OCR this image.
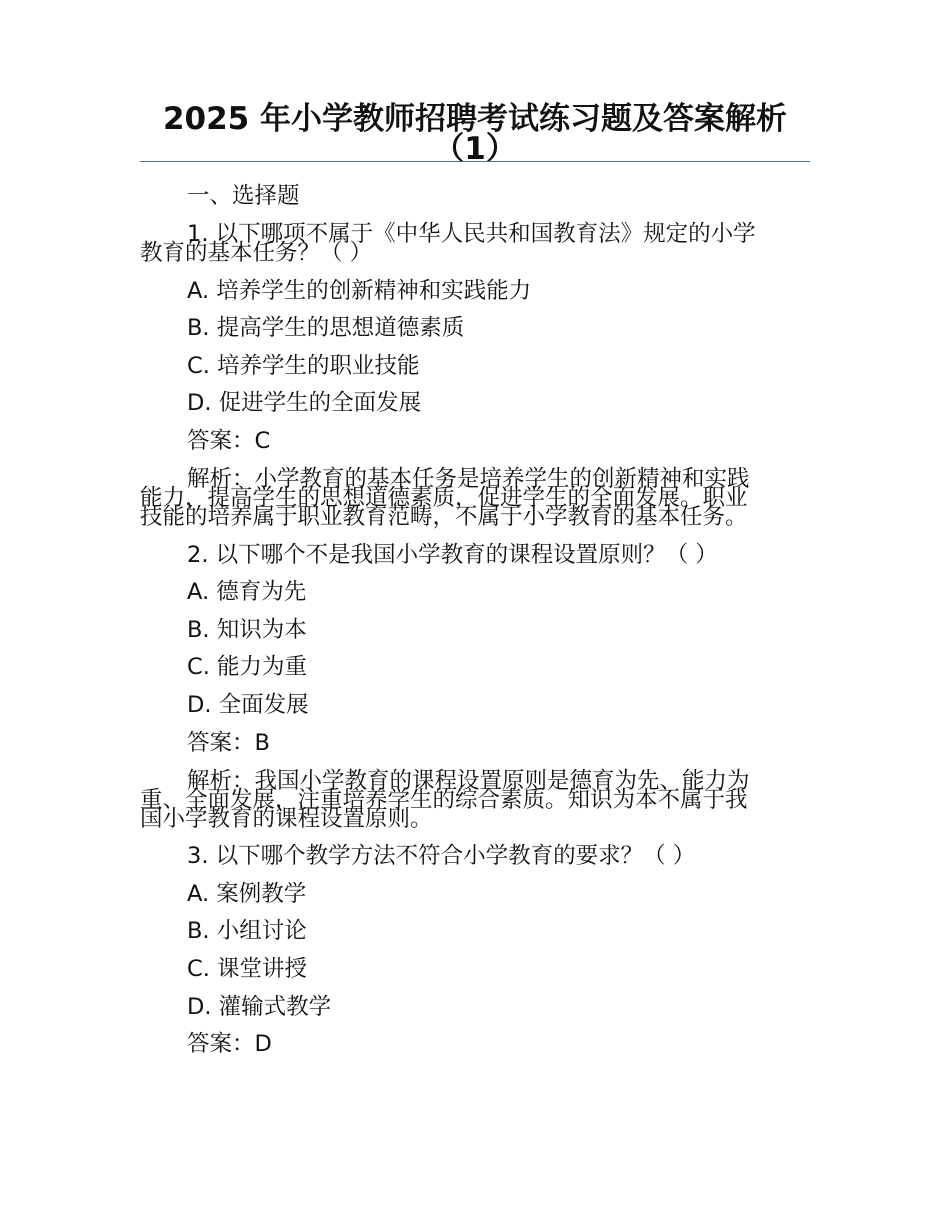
2025 年小学教师招聘考试练习题及答案解析（1）

一、选择题

1. 以下哪项不属于《中华人民共和国教育法》规定的小学
教育的基本任务？（ ）

A. 培养学生的创新精神和实践能力

B. 提高学生的思想道德素质

C. 培养学生的职业技能

D. 促进学生的全面发展

答案：C

解析：小学教育的基本任务是培养学生的创新精神和实践
能力，提高学生的思想道德素质，促进学生的全面发展。职业
技能的培养属于职业教育范畴，不属于小学教育的基本任务。

2. 以下哪个不是我国小学教育的课程设置原则？（ ）

A. 德育为先

B. 知识为本

C. 能力为重

D. 全面发展

答案：B

解析：我国小学教育的课程设置原则是德育为先、能力为
重、全面发展，注重培养学生的综合素质。知识为本不属于我
国小学教育的课程设置原则。

3. 以下哪个教学方法不符合小学教育的要求？（ ）

A. 案例教学

B. 小组讨论

C. 课堂讲授

D. 灌输式教学

答案：D
